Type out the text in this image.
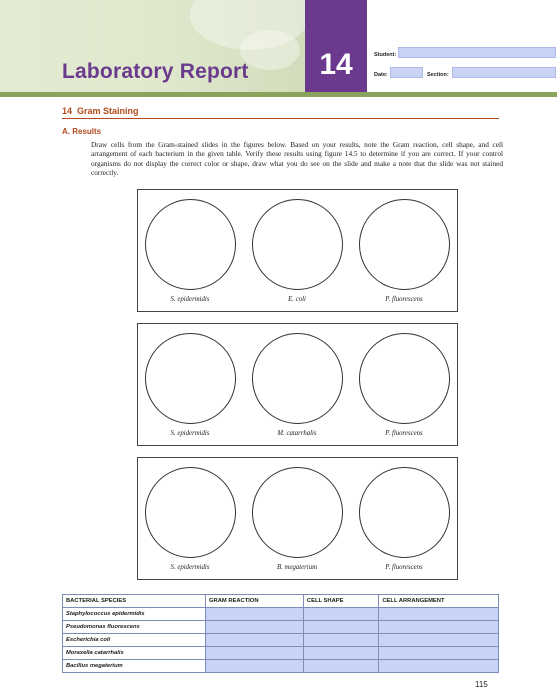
Laboratory Report	14	Student:
Date:	Section:
14 Gram Staining
A. Results
Draw cells from the Gram-stained slides in the figures below. Based on your results, note the Gram reaction, cell shape, and cell arrangement of each bacterium in the given table. Verify these results using figure 14.5 to determine if you are correct. If your control organisms do not display the correct color or shape, draw what you do see on the slide and make a note that the slide was not stained correctly.
S. epidermidis	E. coli	P. fluorescens
S. epidermidis	M. catarrhalis	P. fluorescens
S. epidermidis	B. megaterium	P. fluorescens
BACTERIAL SPECIES	GRAM REACTION	CELL SHAPE	CELL ARRANGEMENT
Staphylococcus epidermidis			
Pseudomonas fluorescens			
Escherichia coli			
Moraxella catarrhalis			
Bacillus megaterium			
115
